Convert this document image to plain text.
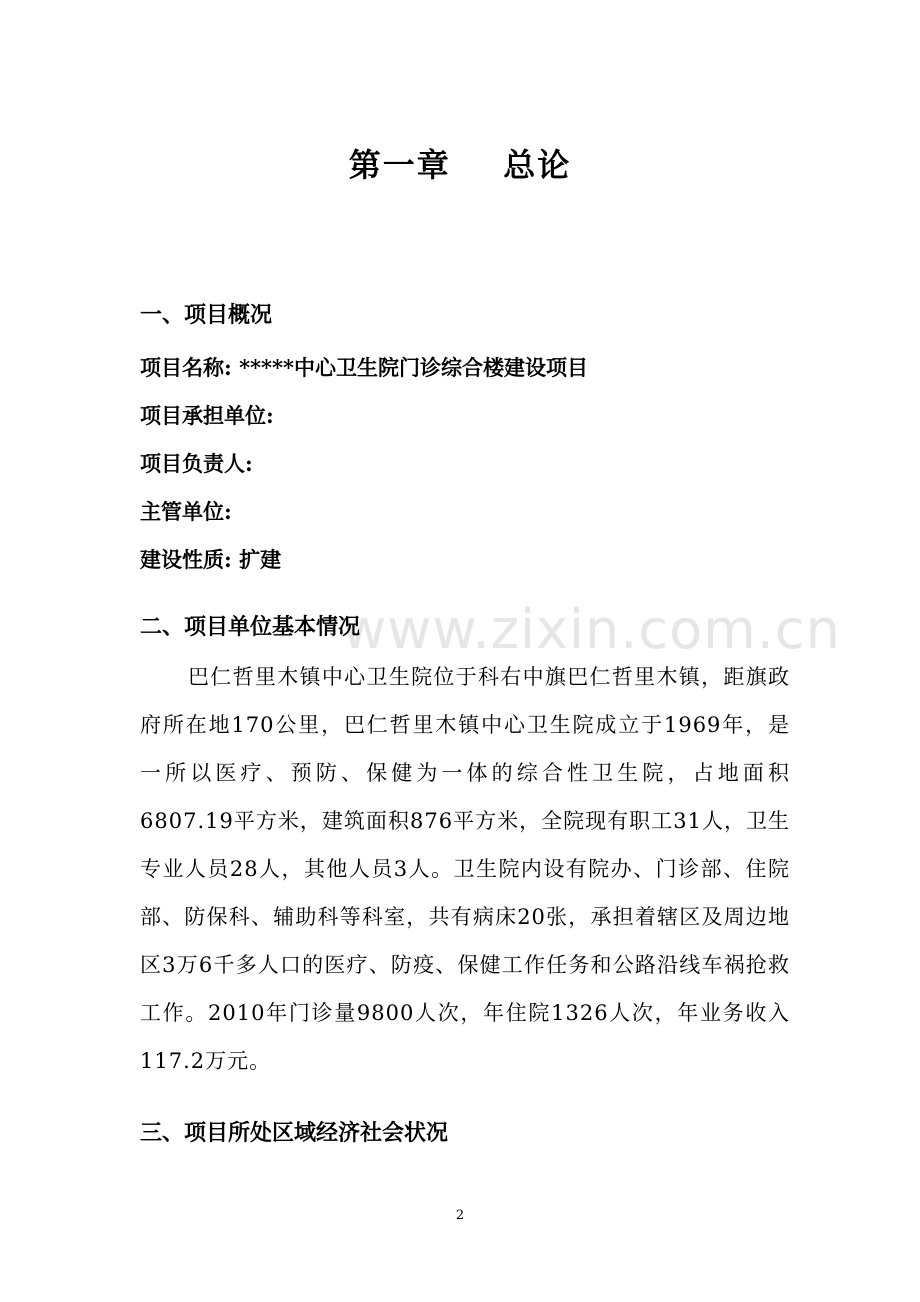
www.zixin.com.cn
第一章    总论
一、项目概况
项目名称: *****中心卫生院门诊综合楼建设项目
项目承担单位:
项目负责人:
主管单位:
建设性质: 扩建
二、项目单位基本情况

巴仁哲里木镇中心卫生院位于科右中旗巴仁哲里木镇，距旗政府所在地170公里，巴仁哲里木镇中心卫生院成立于1969年，是一所以医疗、预防、保健为一体的综合性卫生院，占地面积6807.19平方米，建筑面积876平方米，全院现有职工31人，卫生专业人员28人，其他人员3人。卫生院内设有院办、门诊部、住院部、防保科、辅助科等科室，共有病床20张，承担着辖区及周边地区3万6千多人口的医疗、防疫、保健工作任务和公路沿线车祸抢救工作。2010年门诊量9800人次，年住院1326人次，年业务收入117.2万元。

三、项目所处区域经济社会状况
2
